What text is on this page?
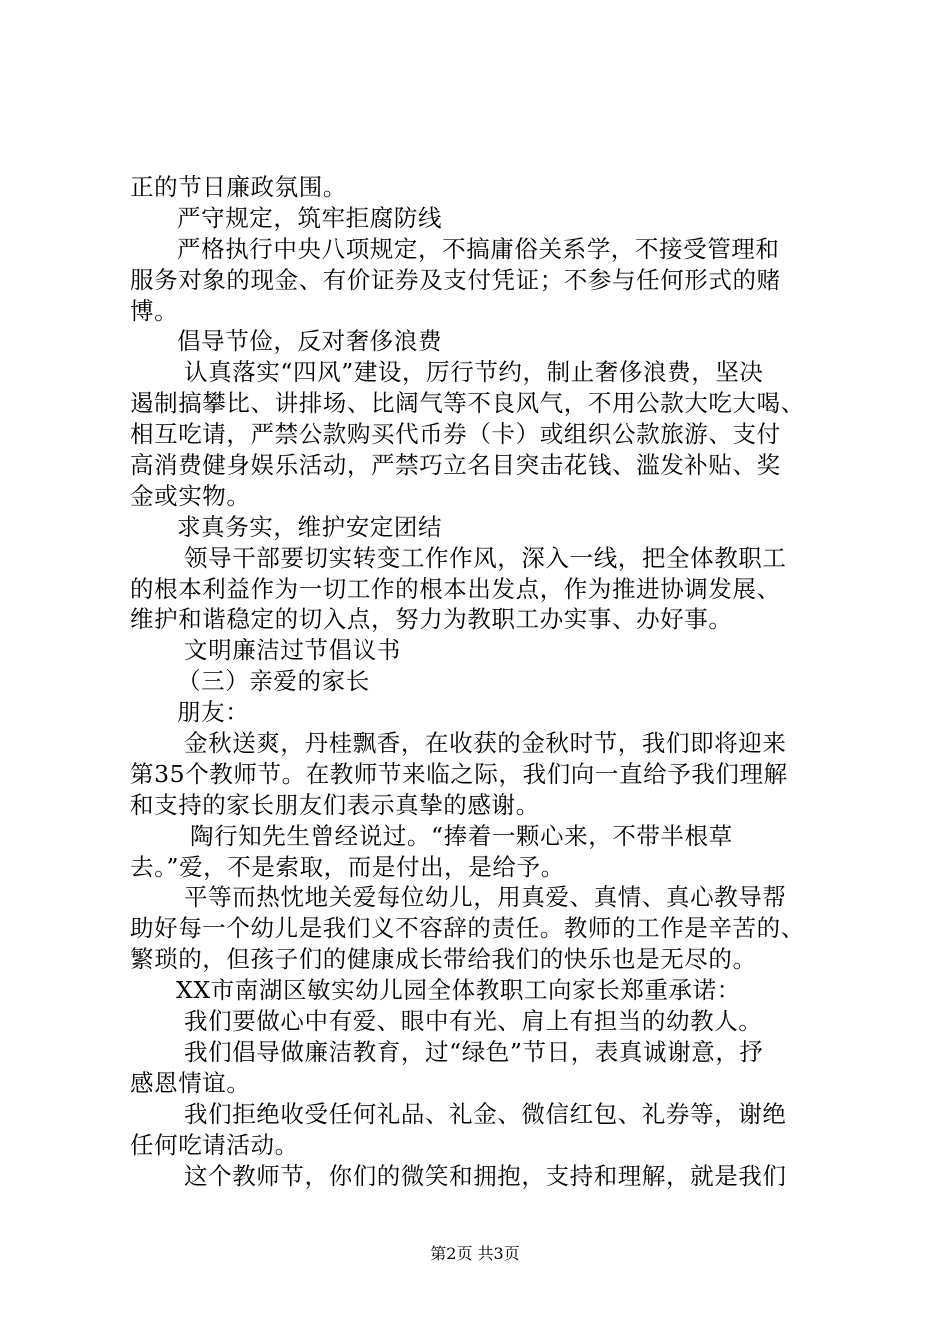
正的节日廉政氛围。
严守规定，筑牢拒腐防线
严格执行中央八项规定，不搞庸俗关系学，不接受管理和
服务对象的现金、有价证券及支付凭证；不参与任何形式的赌
博。
倡导节俭，反对奢侈浪费
认真落实“四风”建设，厉行节约，制止奢侈浪费，坚决
遏制搞攀比、讲排场、比阔气等不良风气，不用公款大吃大喝、
相互吃请，严禁公款购买代币券（卡）或组织公款旅游、支付
高消费健身娱乐活动，严禁巧立名目突击花钱、滥发补贴、奖
金或实物。
求真务实，维护安定团结
领导干部要切实转变工作作风，深入一线，把全体教职工
的根本利益作为一切工作的根本出发点，作为推进协调发展、
维护和谐稳定的切入点，努力为教职工办实事、办好事。
文明廉洁过节倡议书
（三）亲爱的家长
朋友：
金秋送爽，丹桂飘香，在收获的金秋时节，我们即将迎来
第35个教师节。在教师节来临之际，我们向一直给予我们理解
和支持的家长朋友们表示真挚的感谢。
陶行知先生曾经说过。“捧着一颗心来，不带半根草
去。”爱，不是索取，而是付出，是给予。
平等而热忱地关爱每位幼儿，用真爱、真情、真心教导帮
助好每一个幼儿是我们义不容辞的责任。教师的工作是辛苦的、
繁琐的，但孩子们的健康成长带给我们的快乐也是无尽的。
XX市南湖区敏实幼儿园全体教职工向家长郑重承诺：
我们要做心中有爱、眼中有光、肩上有担当的幼教人。
我们倡导做廉洁教育，过“绿色”节日，表真诚谢意，抒
感恩情谊。
我们拒绝收受任何礼品、礼金、微信红包、礼券等，谢绝
任何吃请活动。
这个教师节，你们的微笑和拥抱，支持和理解，就是我们
第2页 共3页
